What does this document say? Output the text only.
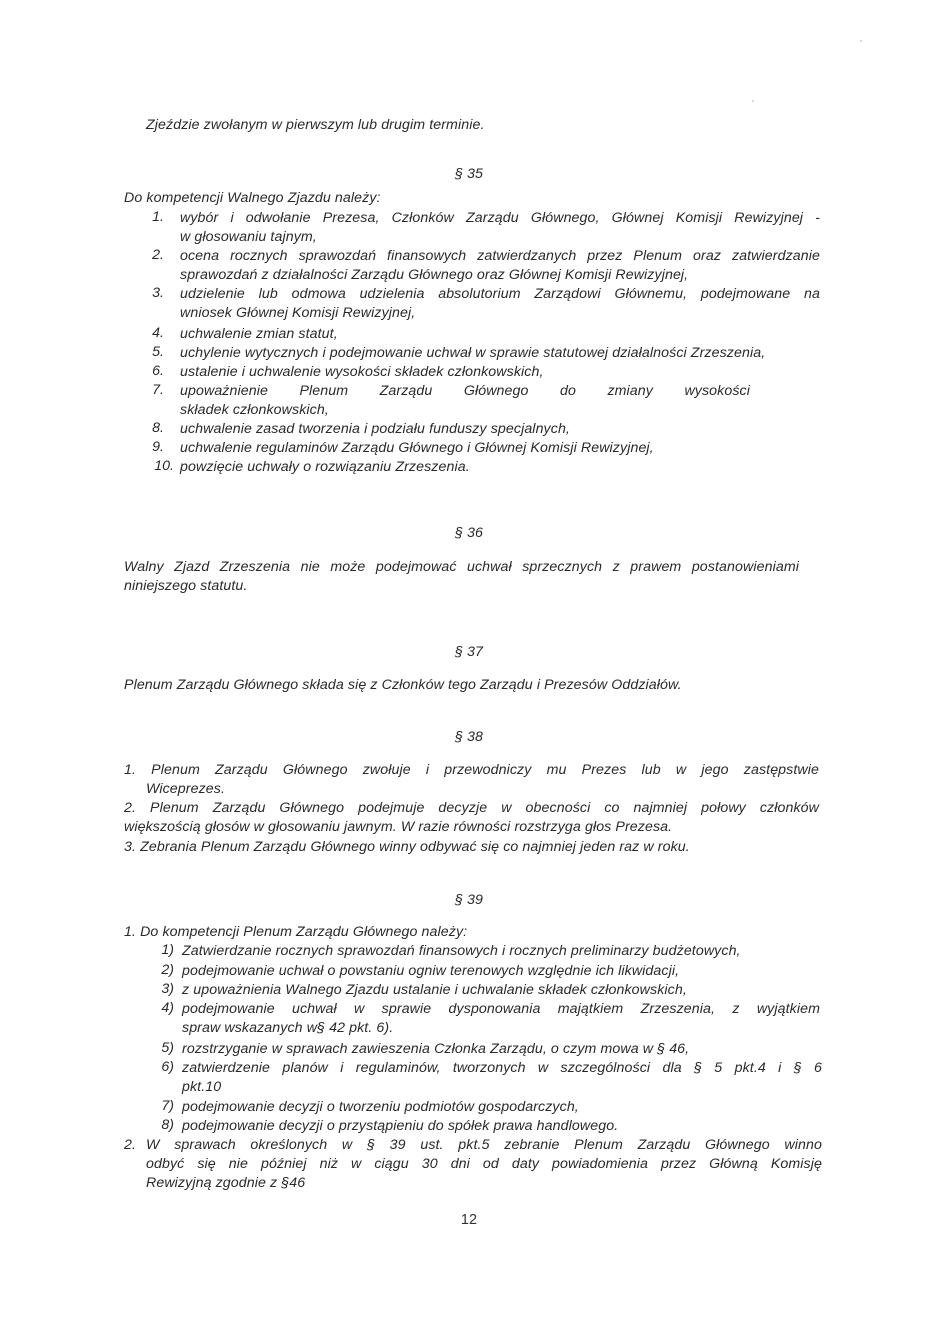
Zjeździe zwołanym w pierwszym lub drugim terminie.
§ 35
Do kompetencji Walnego Zjazdu należy:
1. wybór i odwołanie Prezesa, Członków Zarządu Głównego, Głównej Komisji Rewizyjnej -
w głosowaniu tajnym,
2. ocena rocznych sprawozdań finansowych zatwierdzanych przez Plenum oraz zatwierdzanie
sprawozdań z działalności Zarządu Głównego oraz Głównej Komisji Rewizyjnej,
3. udzielenie lub odmowa udzielenia absolutorium Zarządowi Głównemu, podejmowane na
wniosek Głównej Komisji Rewizyjnej,
4. uchwalenie zmian statut,
5. uchylenie wytycznych i podejmowanie uchwał w sprawie statutowej działalności Zrzeszenia,
6. ustalenie i uchwalenie wysokości składek członkowskich,
7. upoważnienie Plenum Zarządu Głównego do zmiany wysokości
składek członkowskich,
8. uchwalenie zasad tworzenia i podziału funduszy specjalnych,
9. uchwalenie regulaminów Zarządu Głównego i Głównej Komisji Rewizyjnej,
10. powzięcie uchwały o rozwiązaniu Zrzeszenia.
§ 36
Walny Zjazd Zrzeszenia nie może podejmować uchwał sprzecznych z prawem postanowieniami
niniejszego statutu.
§ 37
Plenum Zarządu Głównego składa się z Członków tego Zarządu i Prezesów Oddziałów.
§ 38
1. Plenum Zarządu Głównego zwołuje i przewodniczy mu Prezes lub w jego zastępstwie
Wiceprezes.
2. Plenum Zarządu Głównego podejmuje decyzje w obecności co najmniej połowy członków
większością głosów w głosowaniu jawnym. W razie równości rozstrzyga głos Prezesa.
3. Zebrania Plenum Zarządu Głównego winny odbywać się co najmniej jeden raz w roku.
§ 39
1. Do kompetencji Plenum Zarządu Głównego należy:
1) Zatwierdzanie rocznych sprawozdań finansowych i rocznych preliminarzy budżetowych,
2) podejmowanie uchwał o powstaniu ogniw terenowych względnie ich likwidacji,
3) z upoważnienia Walnego Zjazdu ustalanie i uchwalanie składek członkowskich,
4) podejmowanie uchwał w sprawie dysponowania majątkiem Zrzeszenia, z wyjątkiem
spraw wskazanych w§ 42 pkt. 6).
5) rozstrzyganie w sprawach zawieszenia Członka Zarządu, o czym mowa w § 46,
6) zatwierdzenie planów i regulaminów, tworzonych w szczególności dla § 5 pkt.4 i § 6
pkt.10
7) podejmowanie decyzji o tworzeniu podmiotów gospodarczych,
8) podejmowanie decyzji o przystąpieniu do spółek prawa handlowego.
2. W sprawach określonych w § 39 ust. pkt.5 zebranie Plenum Zarządu Głównego winno
odbyć się nie później niż w ciągu 30 dni od daty powiadomienia przez Główną Komisję
Rewizyjną zgodnie z §46
12
